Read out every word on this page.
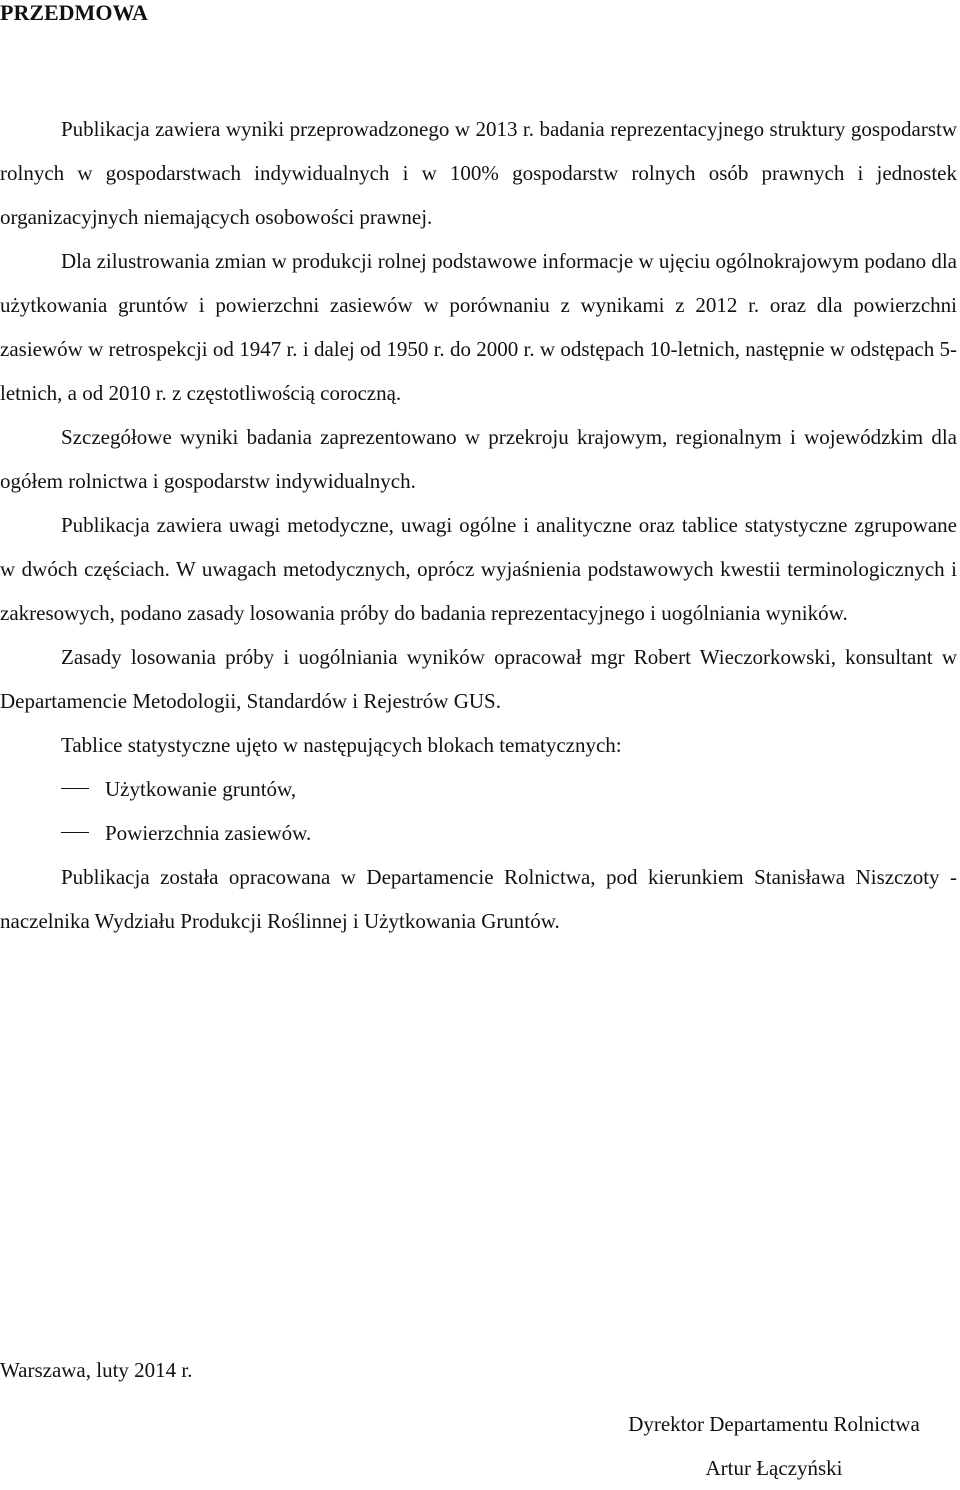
PRZEDMOWA

Publikacja zawiera wyniki przeprowadzonego w 2013 r. badania reprezentacyjnego struktury gospodarstw rolnych w gospodarstwach indywidualnych i w 100% gospodarstw rolnych osób prawnych i jednostek organizacyjnych niemających osobowości prawnej.

Dla zilustrowania zmian w produkcji rolnej podstawowe informacje w ujęciu ogólnokrajowym podano dla użytkowania gruntów i powierzchni zasiewów w porównaniu z wynikami z 2012 r. oraz dla powierzchni zasiewów w retrospekcji od 1947 r. i dalej od 1950 r. do 2000 r. w odstępach 10-letnich, następnie w odstępach 5-letnich, a od 2010 r. z częstotliwością coroczną.

Szczegółowe wyniki badania zaprezentowano w przekroju krajowym, regionalnym i wojewódzkim dla ogółem rolnictwa i gospodarstw indywidualnych.

Publikacja zawiera uwagi metodyczne, uwagi ogólne i analityczne oraz tablice statystyczne zgrupowane w dwóch częściach. W uwagach metodycznych, oprócz wyjaśnienia podstawowych kwestii terminologicznych i zakresowych, podano zasady losowania próby do badania reprezentacyjnego i uogólniania wyników.

Zasady losowania próby i uogólniania wyników opracował mgr Robert Wieczorkowski, konsultant w Departamencie Metodologii, Standardów i Rejestrów GUS.

Tablice statystyczne ujęto w następujących blokach tematycznych:

Użytkowanie gruntów,
Powierzchnia zasiewów.

Publikacja została opracowana w Departamencie Rolnictwa, pod kierunkiem Stanisława Niszczoty - naczelnika Wydziału Produkcji Roślinnej i Użytkowania Gruntów.

Dyrektor Departamentu Rolnictwa
Artur Łączyński

Warszawa, luty 2014 r.
